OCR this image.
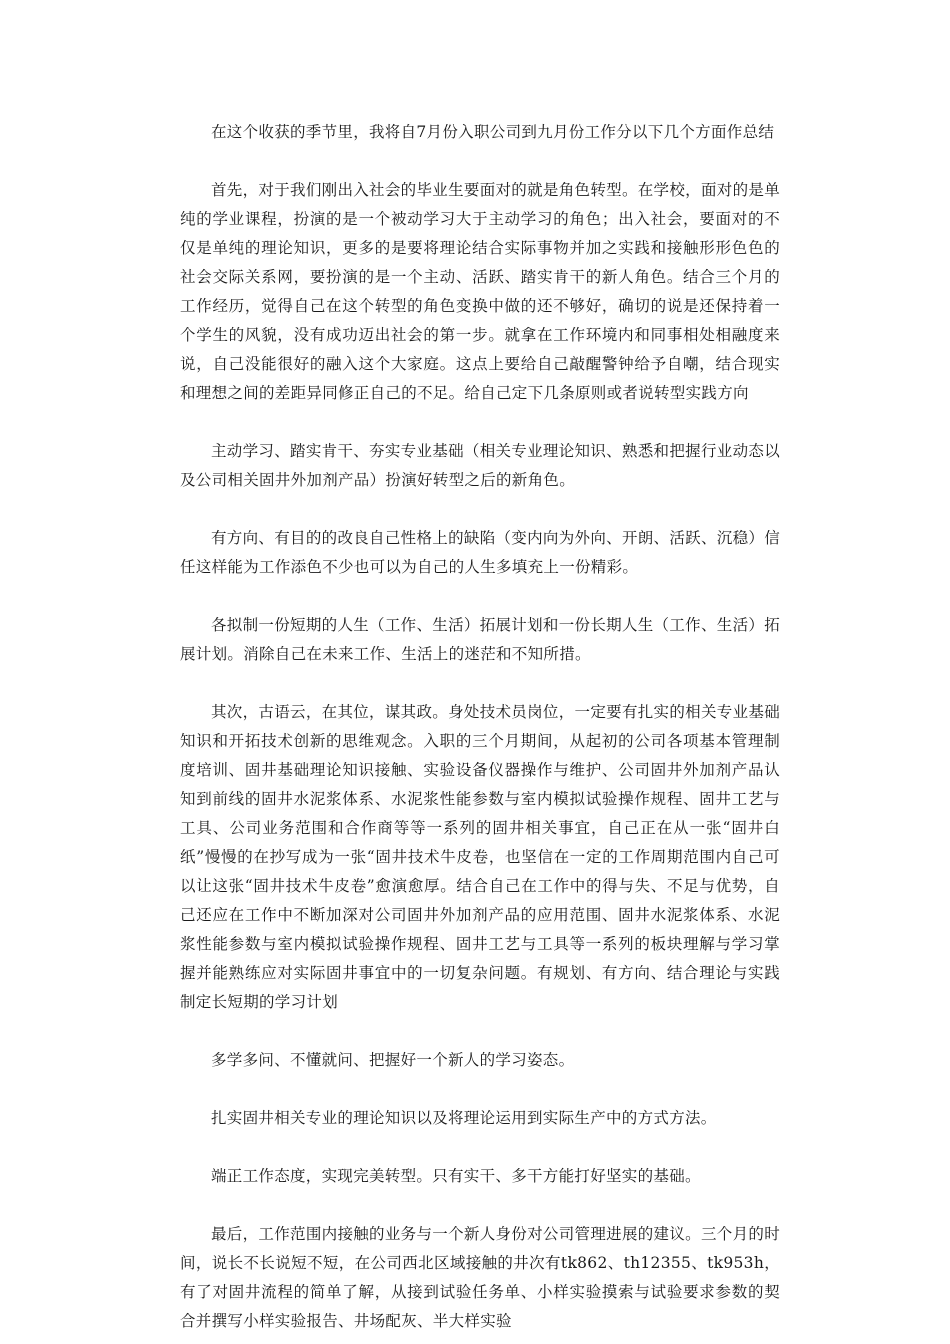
在这个收获的季节里，我将自7月份入职公司到九月份工作分以下几个方面作总结

首先，对于我们刚出入社会的毕业生要面对的就是角色转型。在学校，面对的是单纯的学业课程，扮演的是一个被动学习大于主动学习的角色；出入社会，要面对的不仅是单纯的理论知识，更多的是要将理论结合实际事物并加之实践和接触形形色色的社会交际关系网，要扮演的是一个主动、活跃、踏实肯干的新人角色。结合三个月的工作经历，觉得自己在这个转型的角色变换中做的还不够好，确切的说是还保持着一个学生的风貌，没有成功迈出社会的第一步。就拿在工作环境内和同事相处相融度来说，自己没能很好的融入这个大家庭。这点上要给自己敲醒警钟给予自嘲，结合现实和理想之间的差距异同修正自己的不足。给自己定下几条原则或者说转型实践方向

主动学习、踏实肯干、夯实专业基础（相关专业理论知识、熟悉和把握行业动态以及公司相关固井外加剂产品）扮演好转型之后的新角色。

有方向、有目的的改良自己性格上的缺陷（变内向为外向、开朗、活跃、沉稳）信任这样能为工作添色不少也可以为自己的人生多填充上一份精彩。

各拟制一份短期的人生（工作、生活）拓展计划和一份长期人生（工作、生活）拓展计划。消除自己在未来工作、生活上的迷茫和不知所措。

其次，古语云，在其位，谋其政。身处技术员岗位，一定要有扎实的相关专业基础知识和开拓技术创新的思维观念。入职的三个月期间，从起初的公司各项基本管理制度培训、固井基础理论知识接触、实验设备仪器操作与维护、公司固井外加剂产品认知到前线的固井水泥浆体系、水泥浆性能参数与室内模拟试验操作规程、固井工艺与工具、公司业务范围和合作商等等一系列的固井相关事宜，自己正在从一张“固井白纸”慢慢的在抄写成为一张“固井技术牛皮卷，也坚信在一定的工作周期范围内自己可以让这张“固井技术牛皮卷”愈演愈厚。结合自己在工作中的得与失、不足与优势，自己还应在工作中不断加深对公司固井外加剂产品的应用范围、固井水泥浆体系、水泥浆性能参数与室内模拟试验操作规程、固井工艺与工具等一系列的板块理解与学习掌握并能熟练应对实际固井事宜中的一切复杂问题。有规划、有方向、结合理论与实践制定长短期的学习计划

多学多问、不懂就问、把握好一个新人的学习姿态。

扎实固井相关专业的理论知识以及将理论运用到实际生产中的方式方法。

端正工作态度，实现完美转型。只有实干、多干方能打好坚实的基础。

最后，工作范围内接触的业务与一个新人身份对公司管理进展的建议。三个月的时间，说长不长说短不短，在公司西北区域接触的井次有tk862、th12355、tk953h，有了对固井流程的简单了解，从接到试验任务单、小样实验摸索与试验要求参数的契合并撰写小样实验报告、井场配灰、半大样实验
